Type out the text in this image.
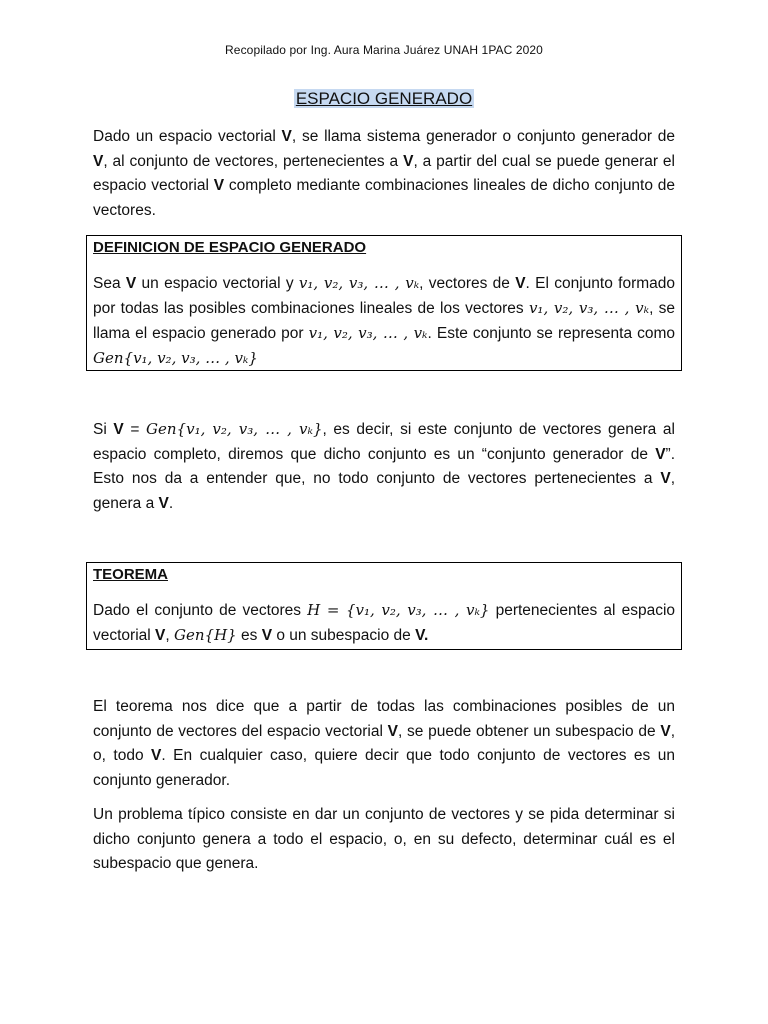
Recopilado por Ing. Aura Marina Juárez UNAH 1PAC 2020
ESPACIO GENERADO

Dado un espacio vectorial V, se llama sistema generador o conjunto generador de V, al conjunto de vectores, pertenecientes a V, a partir del cual se puede generar el espacio vectorial V completo mediante combinaciones lineales de dicho conjunto de vectores.

DEFINICION DE ESPACIO GENERADO

Sea V un espacio vectorial y v₁, v₂, v₃, … , vₖ, vectores de V. El conjunto formado por todas las posibles combinaciones lineales de los vectores v₁, v₂, v₃, … , vₖ, se llama el espacio generado por v₁, v₂, v₃, … , vₖ. Este conjunto se representa como Gen{v₁, v₂, v₃, … , vₖ}

Si V = Gen{v₁, v₂, v₃, … , vₖ}, es decir, si este conjunto de vectores genera al espacio completo, diremos que dicho conjunto es un “conjunto generador de V”. Esto nos da a entender que, no todo conjunto de vectores pertenecientes a V, genera a V.

TEOREMA

Dado el conjunto de vectores H = {v₁, v₂, v₃, … , vₖ} pertenecientes al espacio vectorial V, Gen{H} es V o un subespacio de V.

El teorema nos dice que a partir de todas las combinaciones posibles de un conjunto de vectores del espacio vectorial V, se puede obtener un subespacio de V, o, todo V. En cualquier caso, quiere decir que todo conjunto de vectores es un conjunto generador.

Un problema típico consiste en dar un conjunto de vectores y se pida determinar si dicho conjunto genera a todo el espacio, o, en su defecto, determinar cuál es el subespacio que genera.
